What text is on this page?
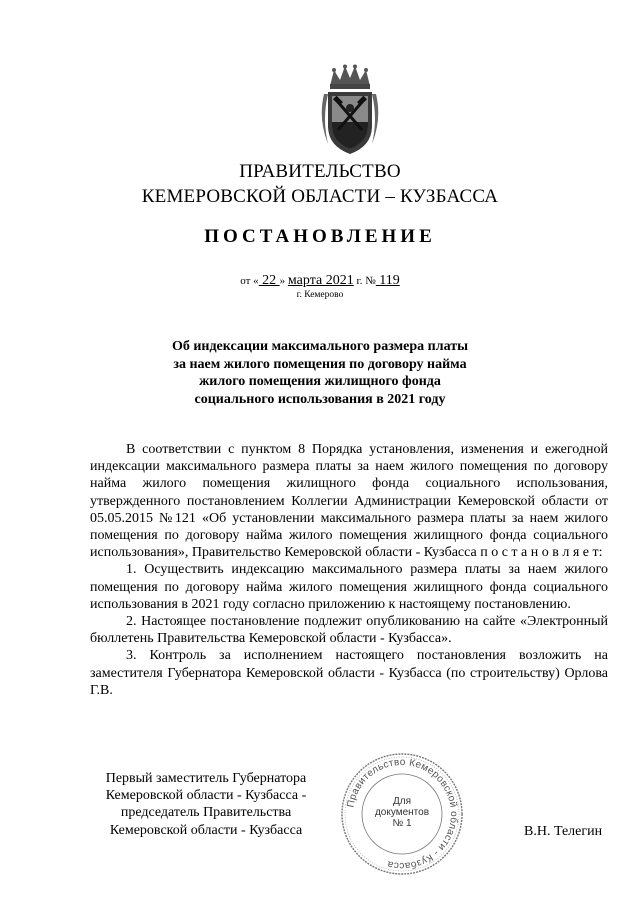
ПРАВИТЕЛЬСТВО
КЕМЕРОВСКОЙ ОБЛАСТИ – КУЗБАССА
ПОСТАНОВЛЕНИЕ
от « 22 » марта 2021 г. № 119
г. Кемерово
Об индексации максимального размера платы
за наем жилого помещения по договору найма
жилого помещения жилищного фонда
социального использования в 2021 году

В соответствии с пунктом 8 Порядка установления, изменения и ежегодной индексации максимального размера платы за наем жилого помещения по договору найма жилого помещения жилищного фонда социального использования, утвержденного постановлением Коллегии Администрации Кемеровской области от 05.05.2015 №121 «Об установлении максимального размера платы за наем жилого помещения по договору найма жилого помещения жилищного фонда социального использования», Правительство Кемеровской области - Кузбасса п о с т а н о в л я е т:

1. Осуществить индексацию максимального размера платы за наем жилого помещения по договору найма жилого помещения жилищного фонда социального использования в 2021 году согласно приложению к настоящему постановлению.

2. Настоящее постановление подлежит опубликованию на сайте «Электронный бюллетень Правительства Кемеровской области - Кузбасса».

3. Контроль за исполнением настоящего постановления возложить на заместителя Губернатора Кемеровской области - Кузбасса (по строительству) Орлова Г.В.

Первый заместитель Губернатора
Кемеровской области - Кузбасса -
председатель Правительства
Кемеровской области - Кузбасса
Правительство Кемеровской области - Кузбасса
Для
документов
№ 1
В.Н. Телегин
